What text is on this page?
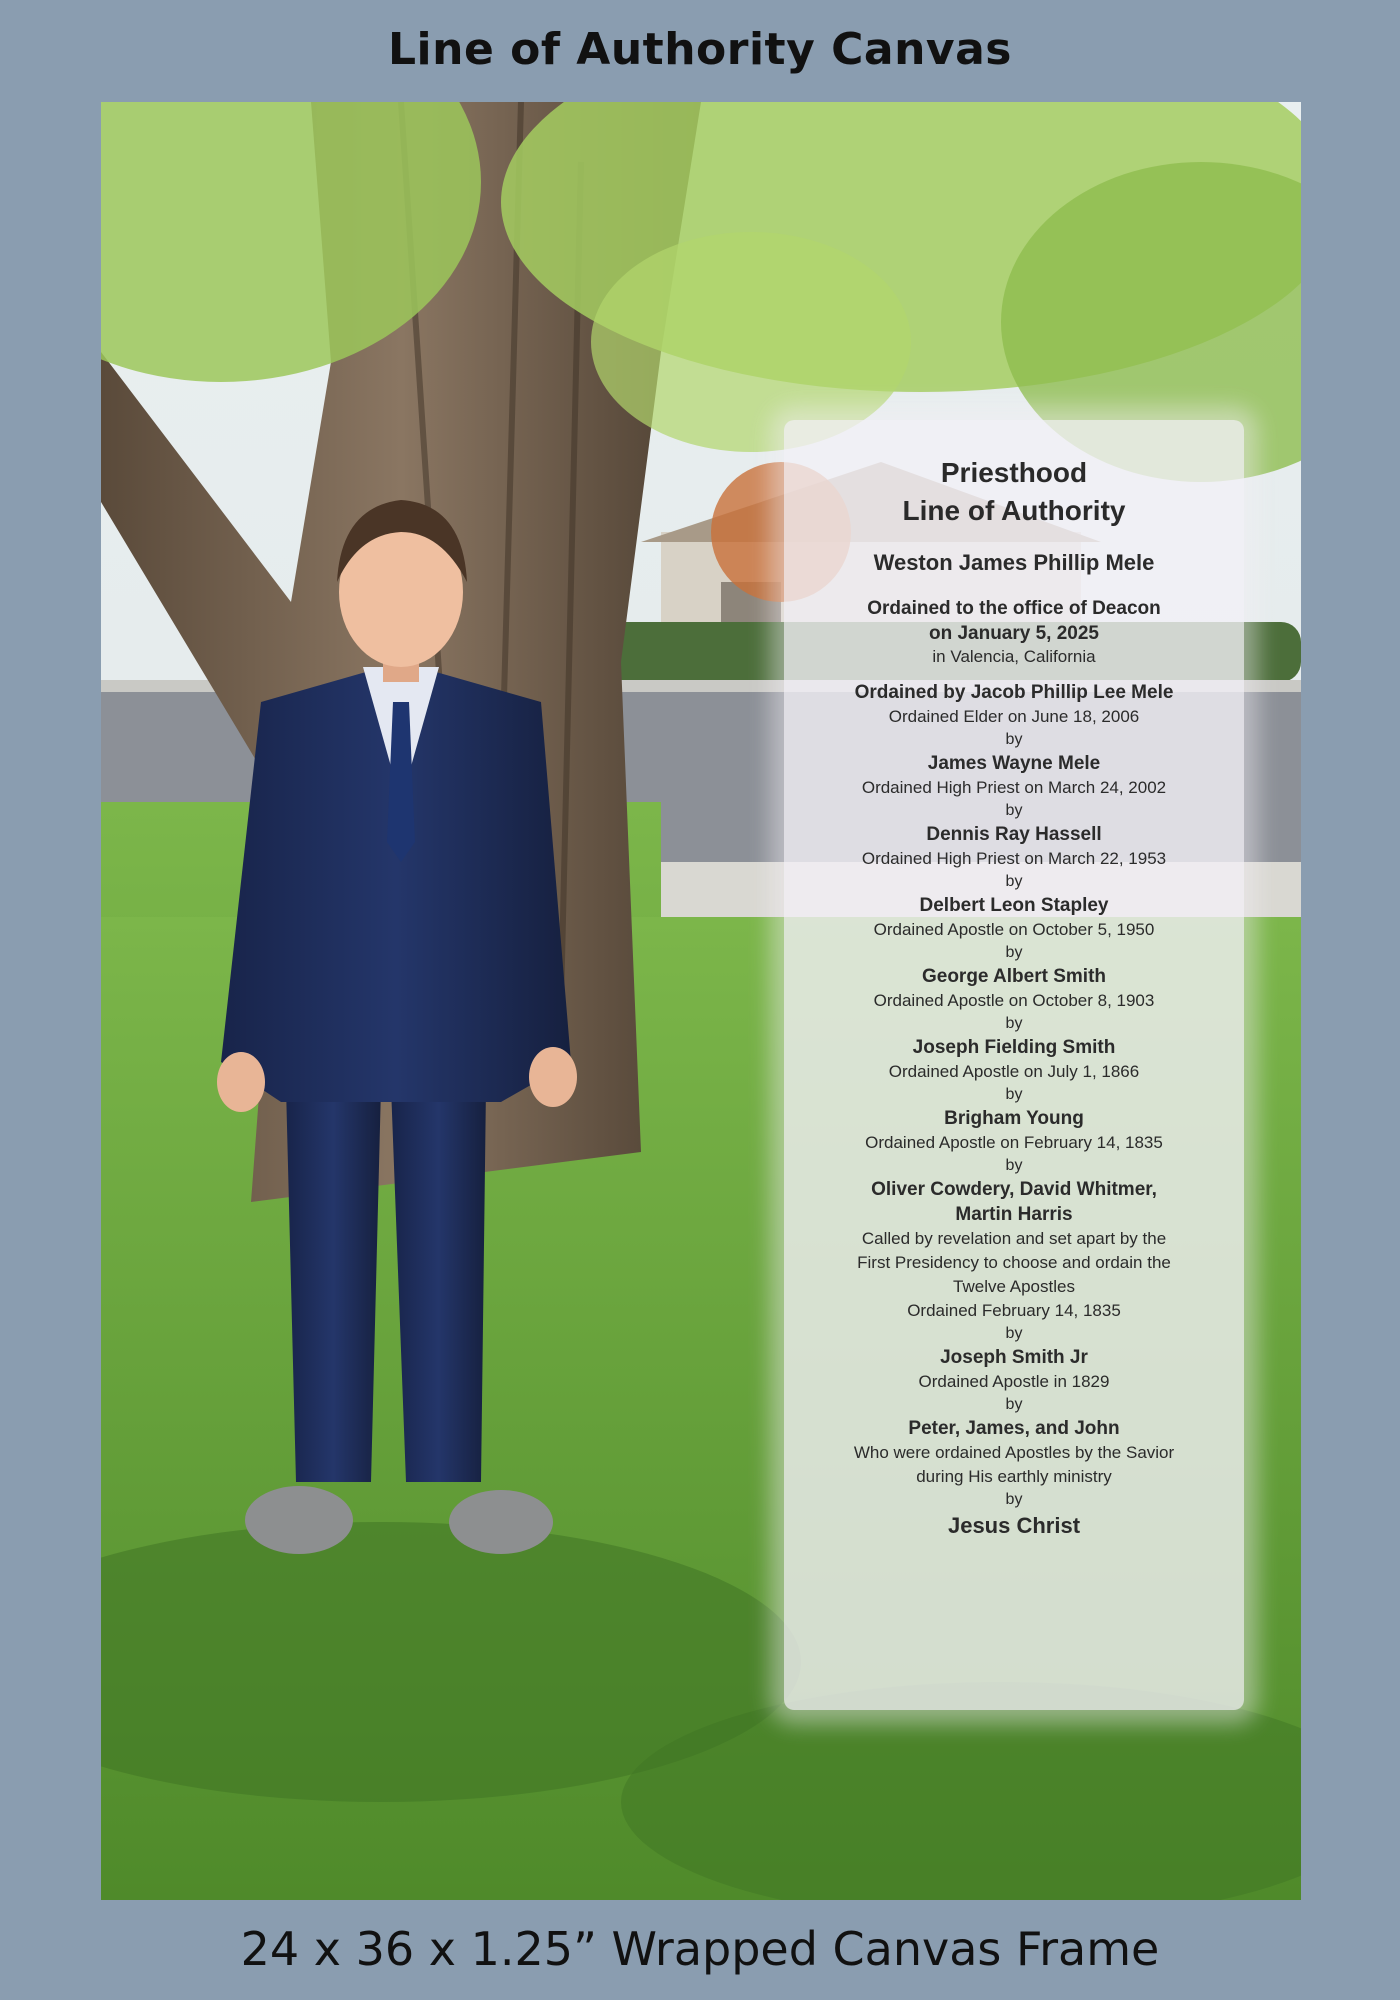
Line of Authority Canvas
Priesthood
Line of Authority
Weston James Phillip Mele
Ordained to the office of Deacon
on January 5, 2025
in Valencia, California
Ordained by Jacob Phillip Lee Mele
Ordained Elder on June 18, 2006
by
James Wayne Mele
Ordained High Priest on March 24, 2002
by
Dennis Ray Hassell
Ordained High Priest on March 22, 1953
by
Delbert Leon Stapley
Ordained Apostle on October 5, 1950
by
George Albert Smith
Ordained Apostle on October 8, 1903
by
Joseph Fielding Smith
Ordained Apostle on July 1, 1866
by
Brigham Young
Ordained Apostle on February 14, 1835
by
Oliver Cowdery, David Whitmer,
Martin Harris
Called by revelation and set apart by the
First Presidency to choose and ordain the
Twelve Apostles
Ordained February 14, 1835
by
Joseph Smith Jr
Ordained Apostle in 1829
by
Peter, James, and John
Who were ordained Apostles by the Savior
during His earthly ministry
by
Jesus Christ
24 x 36 x 1.25” Wrapped Canvas Frame
